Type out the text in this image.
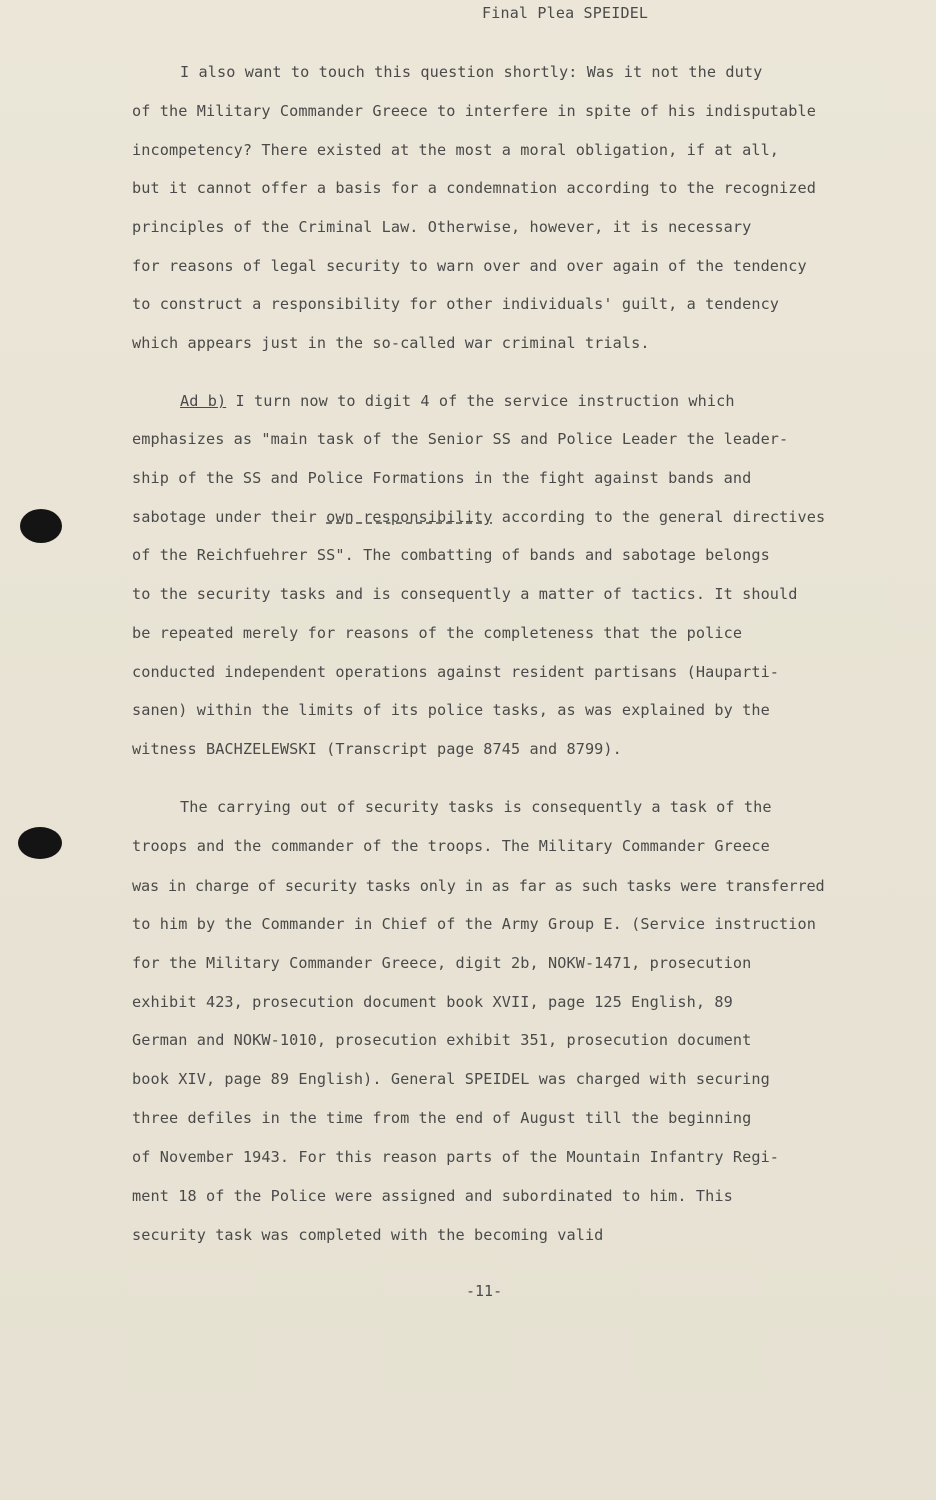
Final Plea SPEIDEL
I also want to touch this question shortly: Was it not the duty
of the Military Commander Greece to interfere in spite of his indisputable
incompetency? There existed at the most a moral obligation, if at all,
but it cannot offer a basis for a condemnation according to the recognized
principles of the Criminal Law. Otherwise, however, it is necessary
for reasons of legal security to warn over and over again of the tendency
to construct a responsibility for other individuals' guilt, a tendency
which appears just in the so-called war criminal trials.
Ad b) I turn now to digit 4 of the service instruction which
emphasizes as "main task of the Senior SS and Police Leader the leader-
ship of the SS and Police Formations in the fight against bands and
sabotage under their own responsibility according to the general directives
of the Reichfuehrer SS". The combatting of bands and sabotage belongs
to the security tasks and is consequently a matter of tactics. It should
be repeated merely for reasons of the completeness that the police
conducted independent operations against resident partisans (Hauparti-
sanen) within the limits of its police tasks, as was explained by the
witness BACHZELEWSKI (Transcript page 8745 and 8799).
The carrying out of security tasks is consequently a task of the
troops and the commander of the troops. The Military Commander Greece
was in charge of security tasks only in as far as such tasks were transferred
to him by the Commander in Chief of the Army Group E. (Service instruction
for the Military Commander Greece, digit 2b, NOKW-1471, prosecution
exhibit 423, prosecution document book XVII, page 125 English, 89
German and NOKW-1010, prosecution exhibit 351, prosecution document
book XIV, page 89 English). General SPEIDEL was charged with securing
three defiles in the time from the end of August till the beginning
of November 1943. For this reason parts of the Mountain Infantry Regi-
ment 18 of the Police were assigned and subordinated to him. This
security task was completed with the becoming valid
-11-
